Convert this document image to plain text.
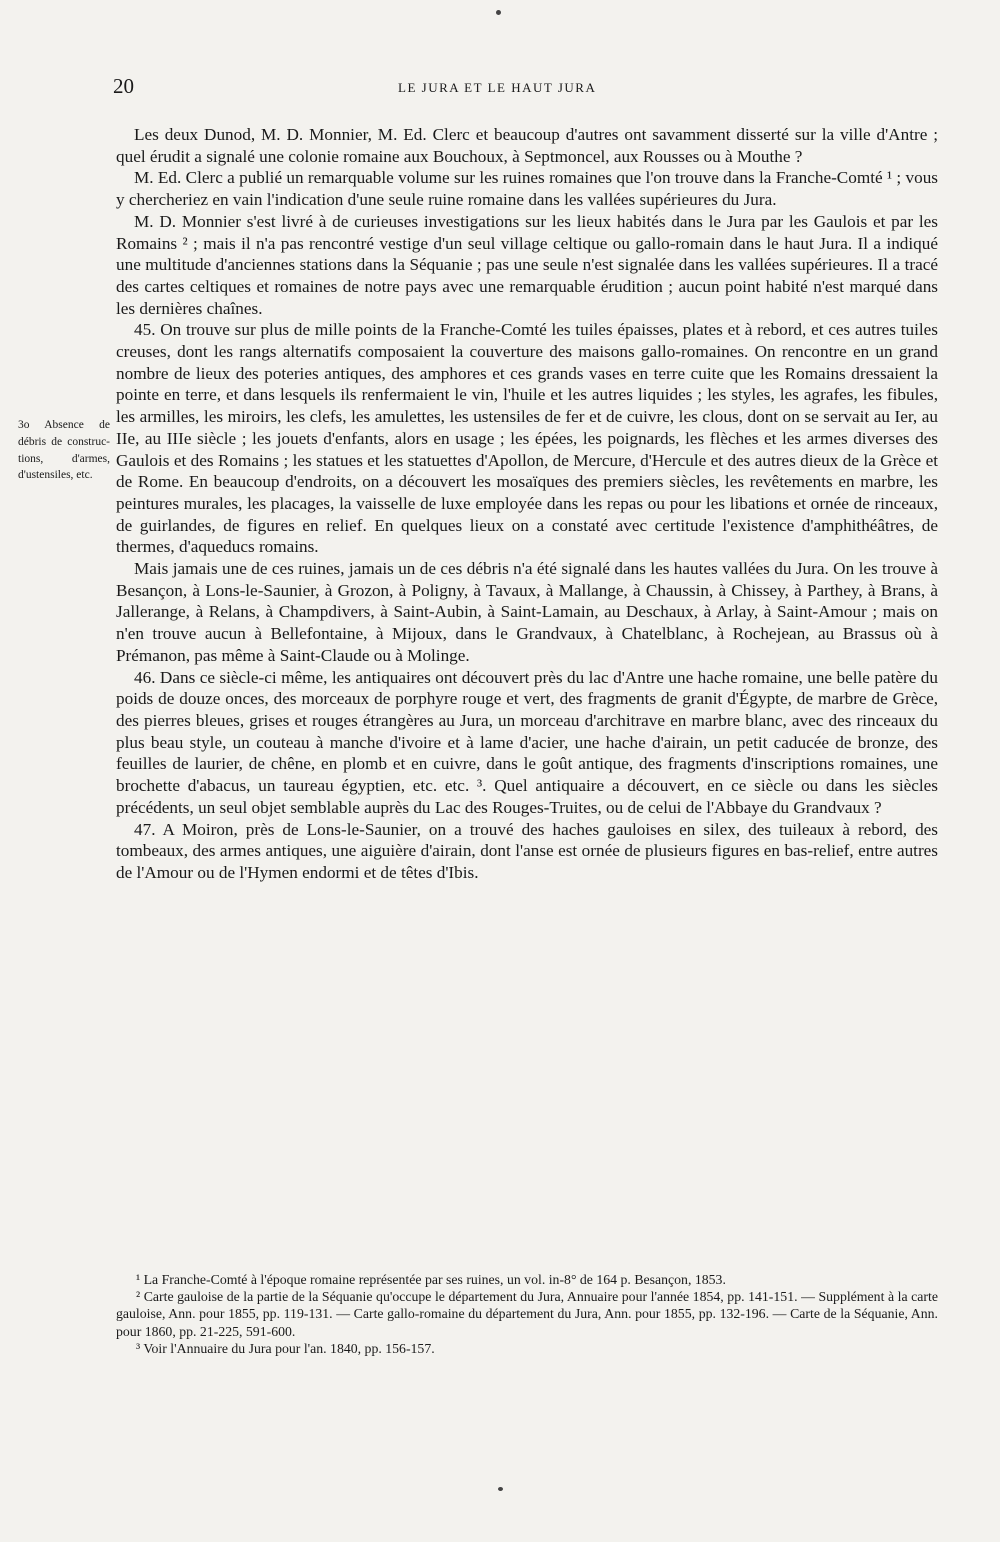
20	LE JURA ET LE HAUT JURA
3o Absence de débris de construc-tions, d'armes, d'ustensiles, etc.

Les deux Dunod, M. D. Monnier, M. Ed. Clerc et beaucoup d'autres ont savamment disserté sur la ville d'Antre ; quel érudit a signalé une colonie romaine aux Bouchoux, à Septmoncel, aux Rousses ou à Mouthe ?

M. Ed. Clerc a publié un remarquable volume sur les ruines romaines que l'on trouve dans la Franche-Comté ¹ ; vous y chercheriez en vain l'indication d'une seule ruine romaine dans les vallées supérieures du Jura.

M. D. Monnier s'est livré à de curieuses investigations sur les lieux habités dans le Jura par les Gaulois et par les Romains ² ; mais il n'a pas rencontré vestige d'un seul village celtique ou gallo-romain dans le haut Jura. Il a indiqué une multitude d'anciennes stations dans la Séquanie ; pas une seule n'est signalée dans les vallées supérieures. Il a tracé des cartes celtiques et romaines de notre pays avec une remarquable érudition ; aucun point habité n'est marqué dans les dernières chaînes.

45. On trouve sur plus de mille points de la Franche-Comté les tuiles épaisses, plates et à rebord, et ces autres tuiles creuses, dont les rangs alternatifs composaient la couverture des maisons gallo-romaines. On rencontre en un grand nombre de lieux des poteries antiques, des amphores et ces grands vases en terre cuite que les Romains dressaient la pointe en terre, et dans lesquels ils renfermaient le vin, l'huile et les autres liquides ; les styles, les agrafes, les fibules, les armilles, les miroirs, les clefs, les amulettes, les ustensiles de fer et de cuivre, les clous, dont on se servait au Ier, au IIe, au IIIe siècle ; les jouets d'enfants, alors en usage ; les épées, les poignards, les flèches et les armes diverses des Gaulois et des Romains ; les statues et les statuettes d'Apollon, de Mercure, d'Hercule et des autres dieux de la Grèce et de Rome. En beaucoup d'endroits, on a découvert les mosaïques des premiers siècles, les revêtements en marbre, les peintures murales, les placages, la vaisselle de luxe employée dans les repas ou pour les libations et ornée de rinceaux, de guirlandes, de figures en relief. En quelques lieux on a constaté avec certitude l'existence d'amphithéâtres, de thermes, d'aqueducs romains.

Mais jamais une de ces ruines, jamais un de ces débris n'a été signalé dans les hautes vallées du Jura. On les trouve à Besançon, à Lons-le-Saunier, à Grozon, à Poligny, à Tavaux, à Mallange, à Chaussin, à Chissey, à Parthey, à Brans, à Jallerange, à Relans, à Champdivers, à Saint-Aubin, à Saint-Lamain, au Deschaux, à Arlay, à Saint-Amour ; mais on n'en trouve aucun à Bellefontaine, à Mijoux, dans le Grandvaux, à Chatelblanc, à Rochejean, au Brassus où à Prémanon, pas même à Saint-Claude ou à Molinge.

46. Dans ce siècle-ci même, les antiquaires ont découvert près du lac d'Antre une hache romaine, une belle patère du poids de douze onces, des morceaux de porphyre rouge et vert, des fragments de granit d'Égypte, de marbre de Grèce, des pierres bleues, grises et rouges étrangères au Jura, un morceau d'architrave en marbre blanc, avec des rinceaux du plus beau style, un couteau à manche d'ivoire et à lame d'acier, une hache d'airain, un petit caducée de bronze, des feuilles de laurier, de chêne, en plomb et en cuivre, dans le goût antique, des fragments d'inscriptions romaines, une brochette d'abacus, un taureau égyptien, etc. etc. ³. Quel antiquaire a découvert, en ce siècle ou dans les siècles précédents, un seul objet semblable auprès du Lac des Rouges-Truites, ou de celui de l'Abbaye du Grandvaux ?

47. A Moiron, près de Lons-le-Saunier, on a trouvé des haches gauloises en silex, des tuileaux à rebord, des tombeaux, des armes antiques, une aiguière d'airain, dont l'anse est ornée de plusieurs figures en bas-relief, entre autres de l'Amour ou de l'Hymen endormi et de têtes d'Ibis.

¹ La Franche-Comté à l'époque romaine représentée par ses ruines, un vol. in-8° de 164 p. Besançon, 1853.

² Carte gauloise de la partie de la Séquanie qu'occupe le département du Jura, Annuaire pour l'année 1854, pp. 141-151. — Supplément à la carte gauloise, Ann. pour 1855, pp. 119-131. — Carte gallo-romaine du département du Jura, Ann. pour 1855, pp. 132-196. — Carte de la Séquanie, Ann. pour 1860, pp. 21-225, 591-600.

³ Voir l'Annuaire du Jura pour l'an. 1840, pp. 156-157.
